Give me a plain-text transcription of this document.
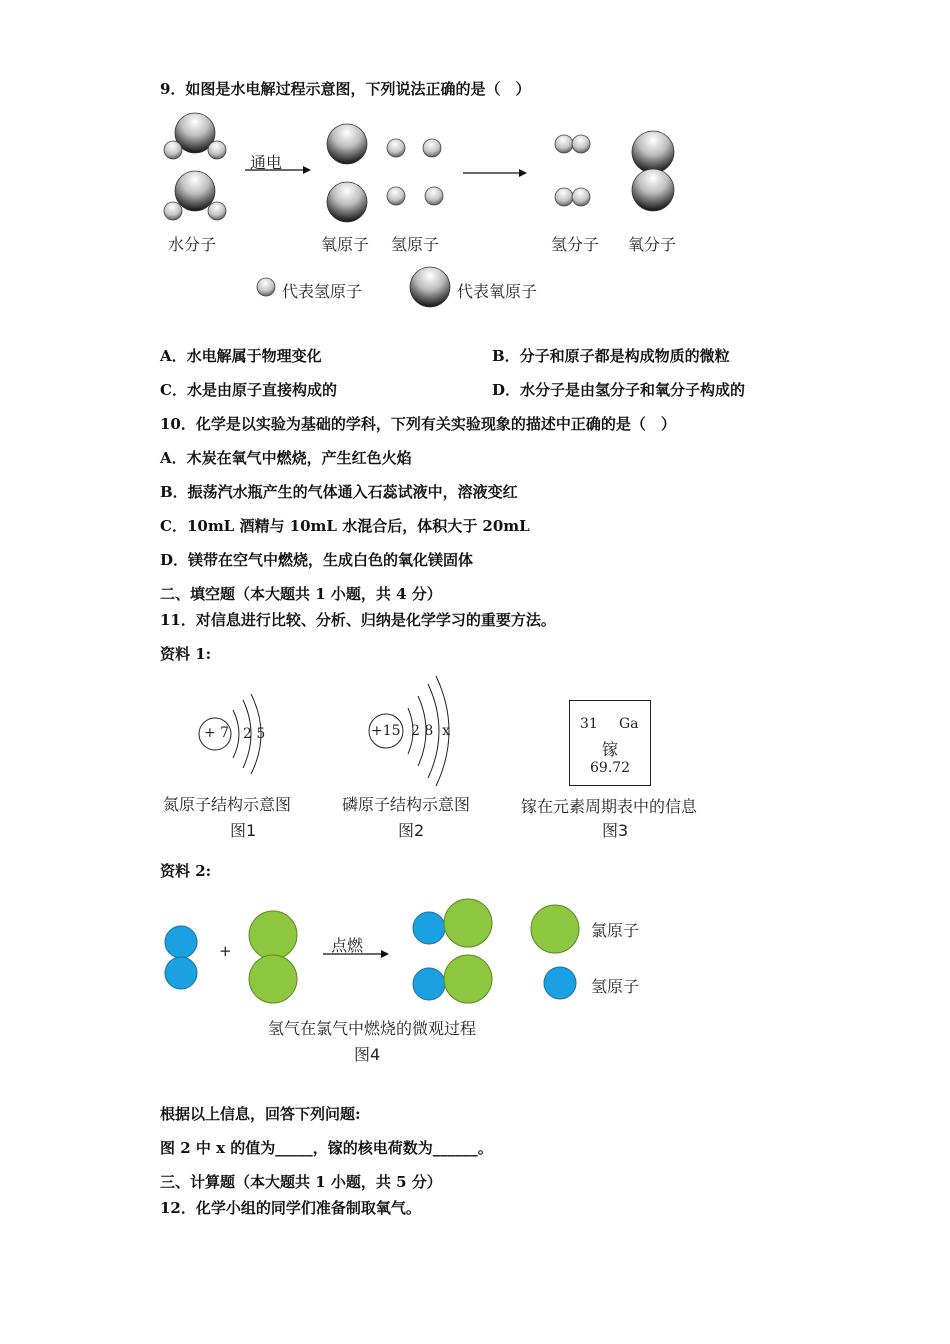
9．如图是水电解过程示意图，下列说法正确的是（　）
通电
水分子	氧原子 氢原子	氢分子 氧分子
代表氢原子	代表氧原子
A．水电解属于物理变化	B．分子和原子都是构成物质的微粒
C．水是由原子直接构成的	D．水分子是由氢分子和氧分子构成的
10．化学是以实验为基础的学科，下列有关实验现象的描述中正确的是（　）
A．木炭在氧气中燃烧，产生红色火焰
B．振荡汽水瓶产生的气体通入石蕊试液中，溶液变红
C．10mL 酒精与 10mL 水混合后，体积大于 20mL
D．镁带在空气中燃烧，生成白色的氧化镁固体
二、填空题（本大题共 1 小题，共 4 分）
11．对信息进行比较、分析、归纳是化学学习的重要方法。
资料 1:
+ 7 2 5
氮原子结构示意图
图1
+15 2 8  x
磷原子结构示意图
图2
31 Ga
镓
69.72
镓在元素周期表中的信息
图3
资料 2:
+	点燃
氯原子
氢原子
氢气在氯气中燃烧的微观过程
图4
根据以上信息，回答下列问题:
图 2 中 x 的值为_____，镓的核电荷数为______。
三、计算题（本大题共 1 小题，共 5 分）
12．化学小组的同学们准备制取氧气。
